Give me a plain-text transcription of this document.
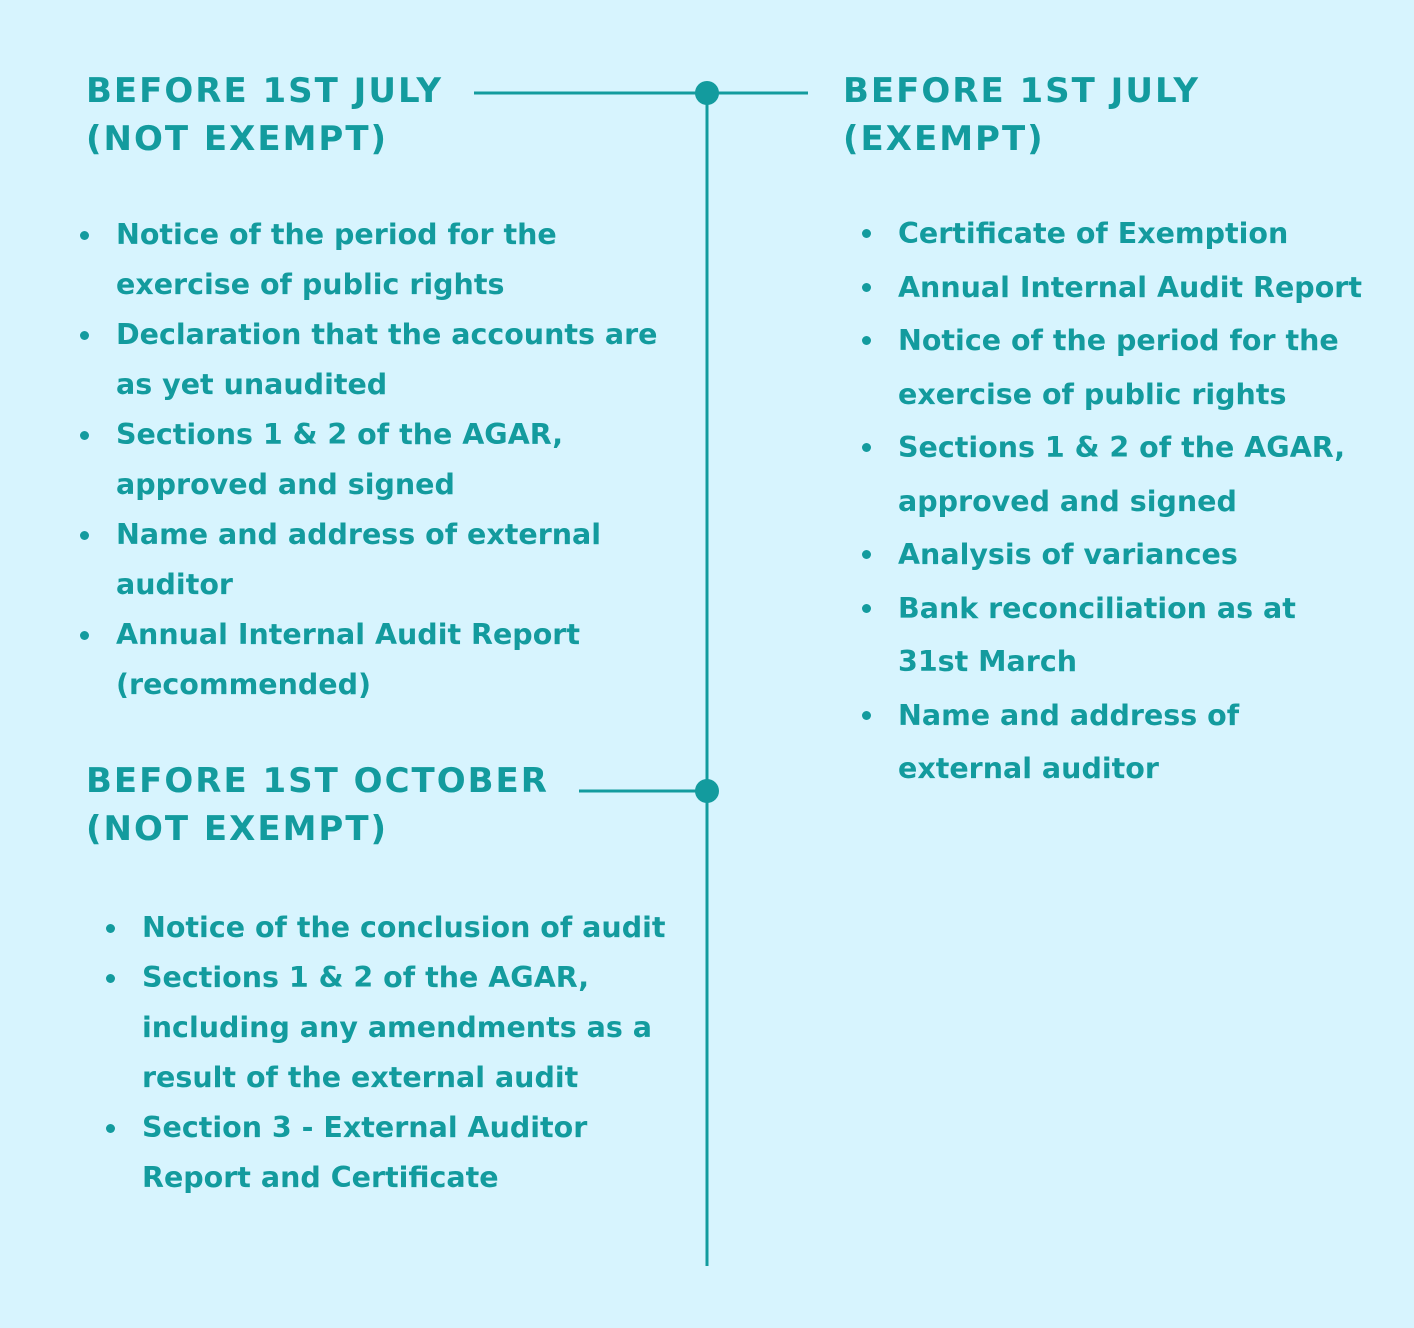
BEFORE 1ST JULY
(NOT EXEMPT)
Notice of the period for the exercise of public rights
Declaration that the accounts are as yet unaudited
Sections 1 & 2 of the AGAR, approved and signed
Name and address of external auditor
Annual Internal Audit Report (recommended)
BEFORE 1ST OCTOBER
(NOT EXEMPT)
Notice of the conclusion of audit
Sections 1 & 2 of the AGAR, including any amendments as a result of the external audit
Section 3 - External Auditor Report and Certificate
BEFORE 1ST JULY
(EXEMPT)
Certificate of Exemption
Annual Internal Audit Report
Notice of the period for the exercise of public rights
Sections 1 & 2 of the AGAR, approved and signed
Analysis of variances
Bank reconciliation as at 31st March
Name and address of external auditor
